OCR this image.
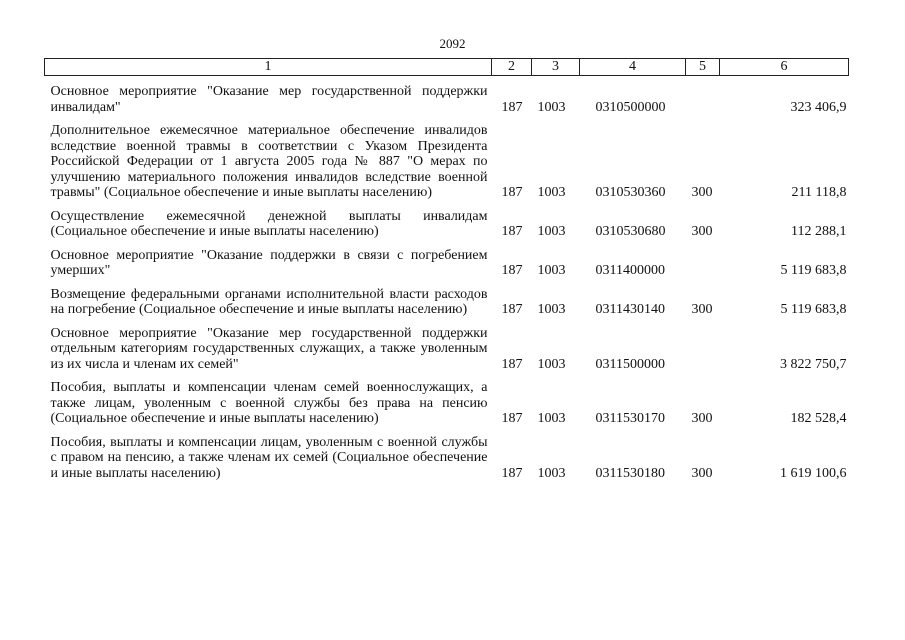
2092
1	2	3	4	5	6

Основное мероприятие "Оказание мер государственной поддержки инвалидам"	187	1003	0310500000		323 406,9

Дополнительное ежемесячное материальное обеспечение инвалидов вследствие военной травмы в соответствии с Указом Президента Российской Федерации от 1 августа 2005 года № 887 "О мерах по улучшению материального положения инвалидов вследствие военной травмы" (Социальное обеспечение и иные выплаты населению)	187	1003	0310530360	300	211 118,8

Осуществление ежемесячной денежной выплаты инвалидам (Социальное обеспечение и иные выплаты населению)	187	1003	0310530680	300	112 288,1

Основное мероприятие "Оказание поддержки в связи с погребением умерших"	187	1003	0311400000		5 119 683,8

Возмещение федеральными органами исполнительной власти расходов на погребение (Социальное обеспечение и иные выплаты населению)	187	1003	0311430140	300	5 119 683,8

Основное мероприятие "Оказание мер государственной поддержки отдельным категориям государственных служащих, а также уволенным из их числа и членам их семей"	187	1003	0311500000		3 822 750,7

Пособия, выплаты и компенсации членам семей военнослужащих, а также лицам, уволенным с военной службы без права на пенсию (Социальное обеспечение и иные выплаты населению)	187	1003	0311530170	300	182 528,4

Пособия, выплаты и компенсации лицам, уволенным с военной службы с правом на пенсию, а также членам их семей (Социальное обеспечение и иные выплаты населению)	187	1003	0311530180	300	1 619 100,6
